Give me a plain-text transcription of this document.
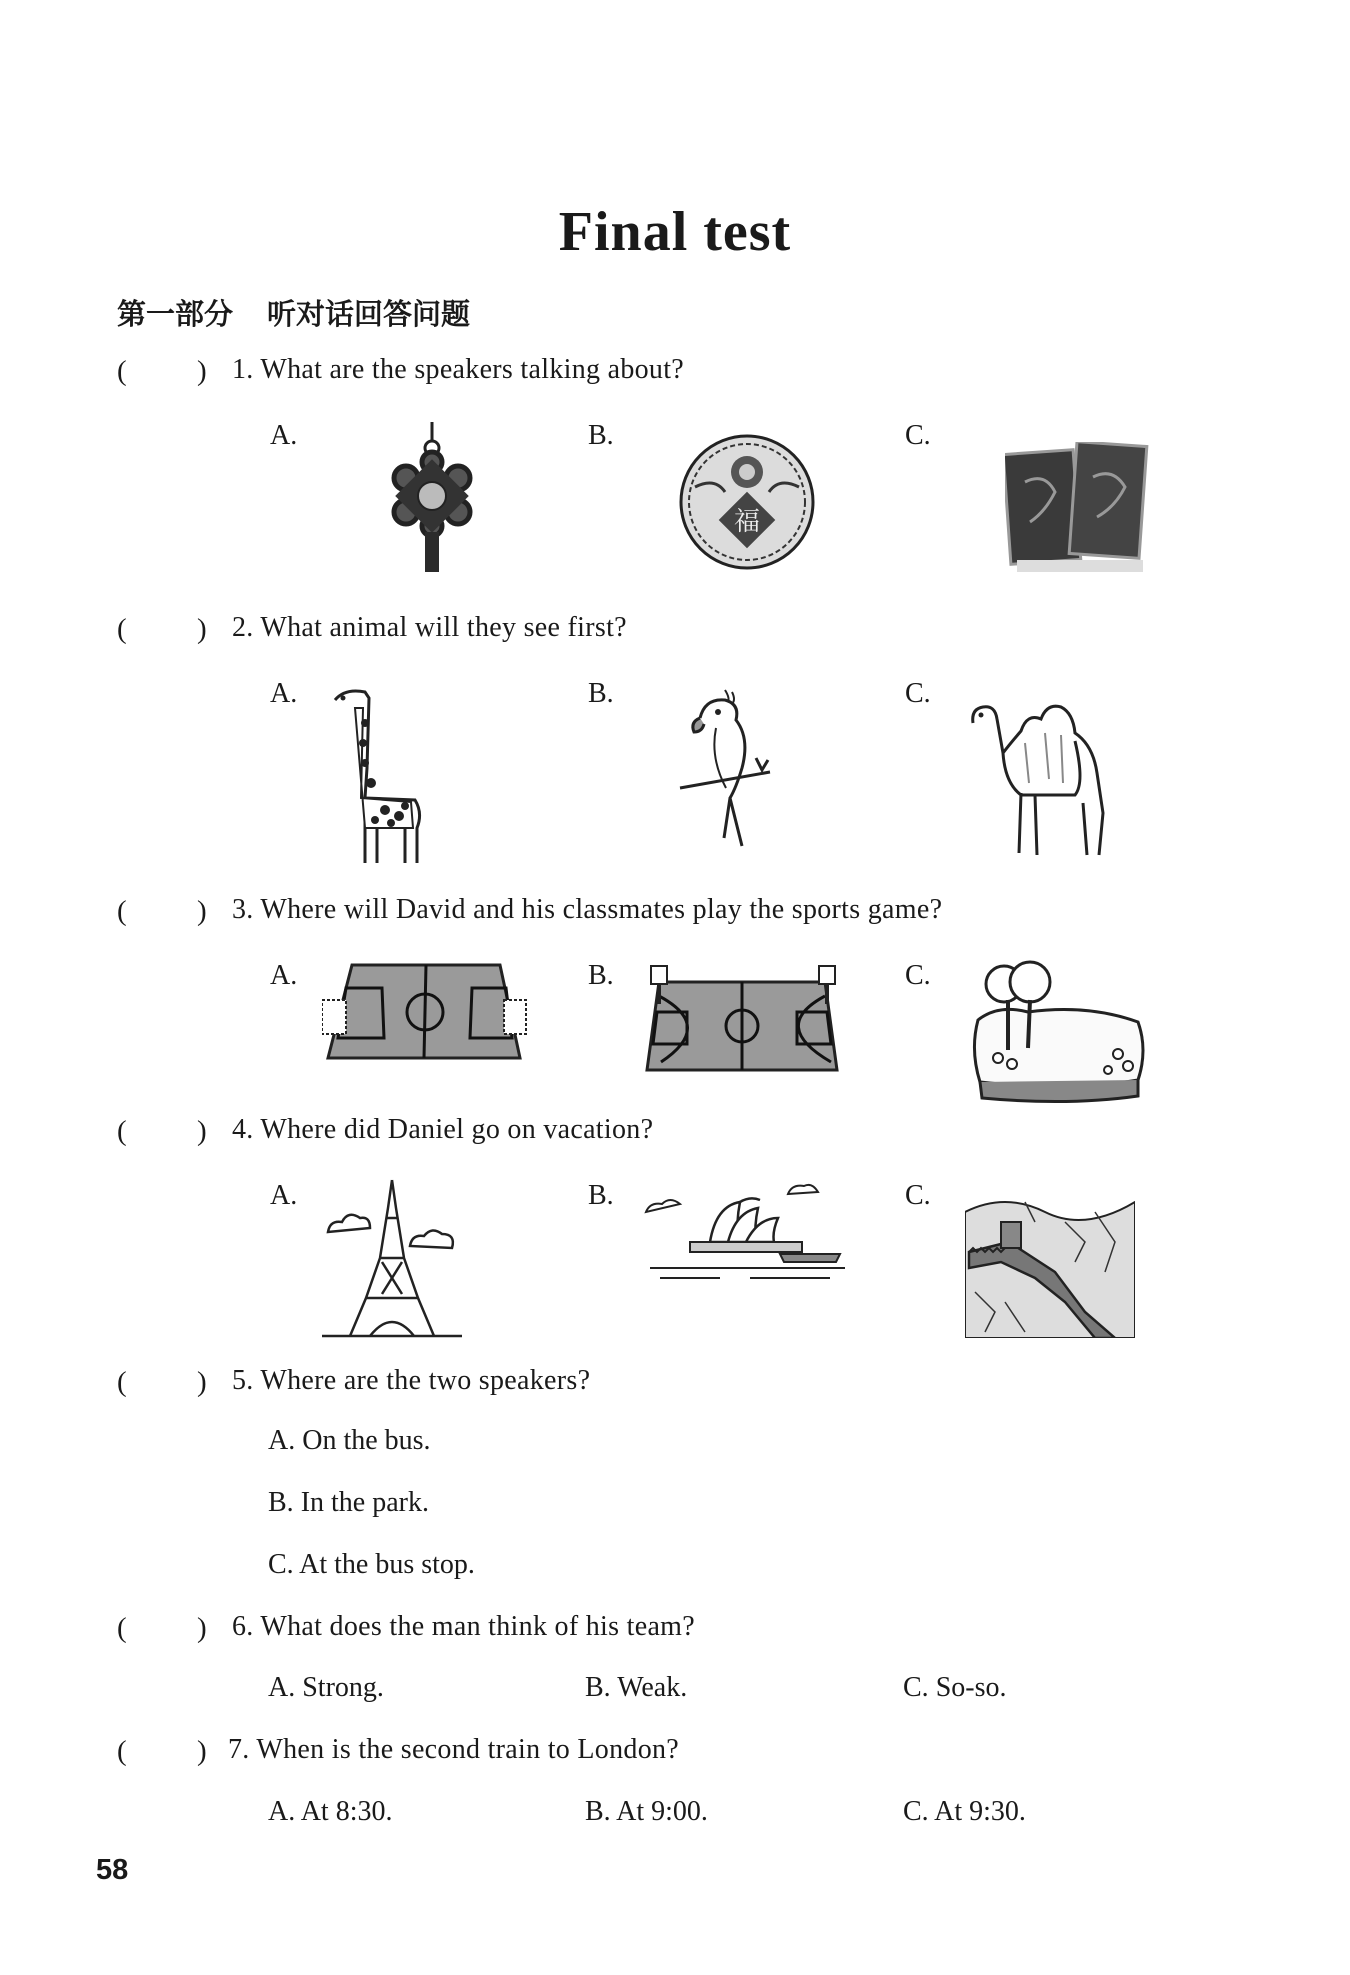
Final test
第一部分 听对话回答问题
( ) 1. What are the speakers talking about?
A.	B.	C.
福
( ) 2. What animal will they see first?
A.	B.	C.
( ) 3. Where will David and his classmates play the sports game?
A.	B.	C.
( ) 4. Where did Daniel go on vacation?
A.	B.	C.
( ) 5. Where are the two speakers?
A. On the bus.
B. In the park.
C. At the bus stop.
( ) 6. What does the man think of his team?
A. Strong.	B. Weak.	C. So-so.
( ) 7. When is the second train to London?
A. At 8:30.	B. At 9:00.	C. At 9:30.
58
